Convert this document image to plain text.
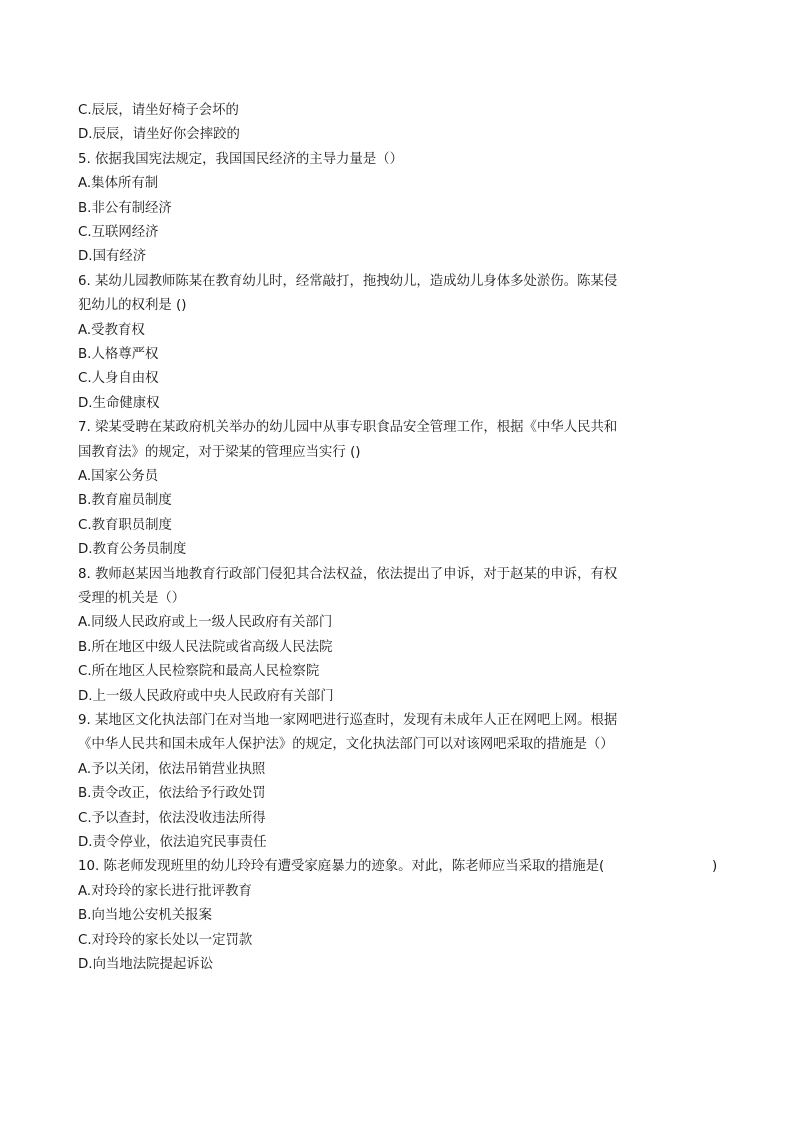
C.辰辰，请坐好椅子会坏的
D.辰辰，请坐好你会摔跤的
5. 依据我国宪法规定，我国国民经济的主导力量是（）
A.集体所有制
B.非公有制经济
C.互联网经济
D.国有经济
6. 某幼儿园教师陈某在教育幼儿时，经常敲打，拖拽幼儿，造成幼儿身体多处淤伤。陈某侵
犯幼儿的权利是 ()
A.受教育权
B.人格尊严权
C.人身自由权
D.生命健康权
7. 梁某受聘在某政府机关举办的幼儿园中从事专职食品安全管理工作，根据《中华人民共和
国教育法》的规定，对于梁某的管理应当实行 ()
A.国家公务员
B.教育雇员制度
C.教育职员制度
D.教育公务员制度
8. 教师赵某因当地教育行政部门侵犯其合法权益，依法提出了申诉，对于赵某的申诉，有权
受理的机关是（）
A.同级人民政府或上一级人民政府有关部门
B.所在地区中级人民法院或省高级人民法院
C.所在地区人民检察院和最高人民检察院
D.上一级人民政府或中央人民政府有关部门
9. 某地区文化执法部门在对当地一家网吧进行巡查时，发现有未成年人正在网吧上网。根据
《中华人民共和国未成年人保护法》的规定，文化执法部门可以对该网吧采取的措施是（）
A.予以关闭，依法吊销营业执照
B.责令改正，依法给予行政处罚
C.予以查封，依法没收违法所得
D.责令停业，依法追究民事责任
10. 陈老师发现班里的幼儿玲玲有遭受家庭暴力的迹象。对此，陈老师应当采取的措施是(	)
A.对玲玲的家长进行批评教育
B.向当地公安机关报案
C.对玲玲的家长处以一定罚款
D.向当地法院提起诉讼
